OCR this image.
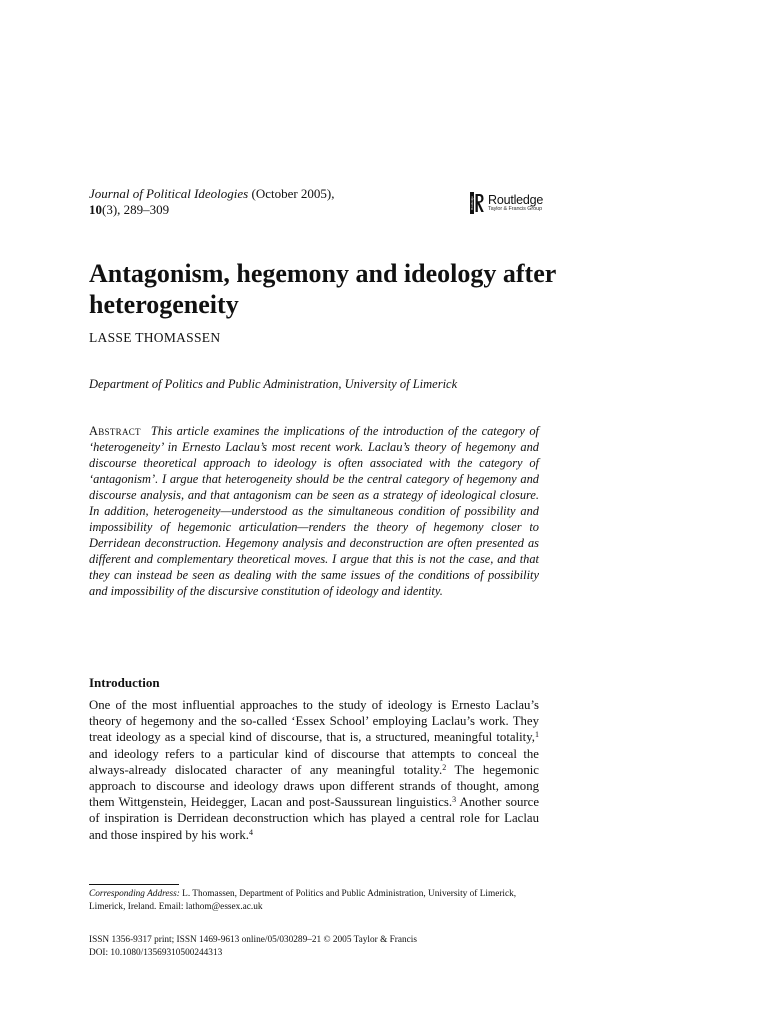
Journal of Political Ideologies (October 2005),
10(3), 289–309	Routledge Routledge
Taylor & Francis Group
Antagonism, hegemony and ideology after heterogeneity
LASSE THOMASSEN
Department of Politics and Public Administration, University of Limerick

Abstract This article examines the implications of the introduction of the category of ‘heterogeneity’ in Ernesto Laclau’s most recent work. Laclau’s theory of hegemony and discourse theoretical approach to ideology is often associated with the category of ‘antagonism’. I argue that heterogeneity should be the central category of hegemony and discourse analysis, and that antagonism can be seen as a strategy of ideological closure. In addition, heterogeneity—understood as the simultaneous condition of possibility and impossibility of hegemonic articulation—renders the theory of hegemony closer to Derridean deconstruction. Hegemony analysis and deconstruction are often presented as different and complementary theoretical moves. I argue that this is not the case, and that they can instead be seen as dealing with the same issues of the conditions of possibility and impossibility of the discursive constitution of ideology and identity.

Introduction

One of the most influential approaches to the study of ideology is Ernesto Laclau’s theory of hegemony and the so-called ‘Essex School’ employing Laclau’s work. They treat ideology as a special kind of discourse, that is, a structured, meaningful totality,$^1$ and ideology refers to a particular kind of discourse that attempts to conceal the always-already dislocated character of any meaningful totality.$^2$ The hegemonic approach to discourse and ideology draws upon different strands of thought, among them Wittgenstein, Heidegger, Lacan and post-Saussurean linguistics.$^3$ Another source of inspiration is Derridean deconstruction which has played a central role for Laclau and those inspired by his work.$^4$

Corresponding Address: L. Thomassen, Department of Politics and Public Administration, University of Limerick, Limerick, Ireland. Email: lathom@essex.ac.uk

ISSN 1356-9317 print; ISSN 1469-9613 online/05/030289–21 © 2005 Taylor & Francis
DOI: 10.1080/13569310500244313
